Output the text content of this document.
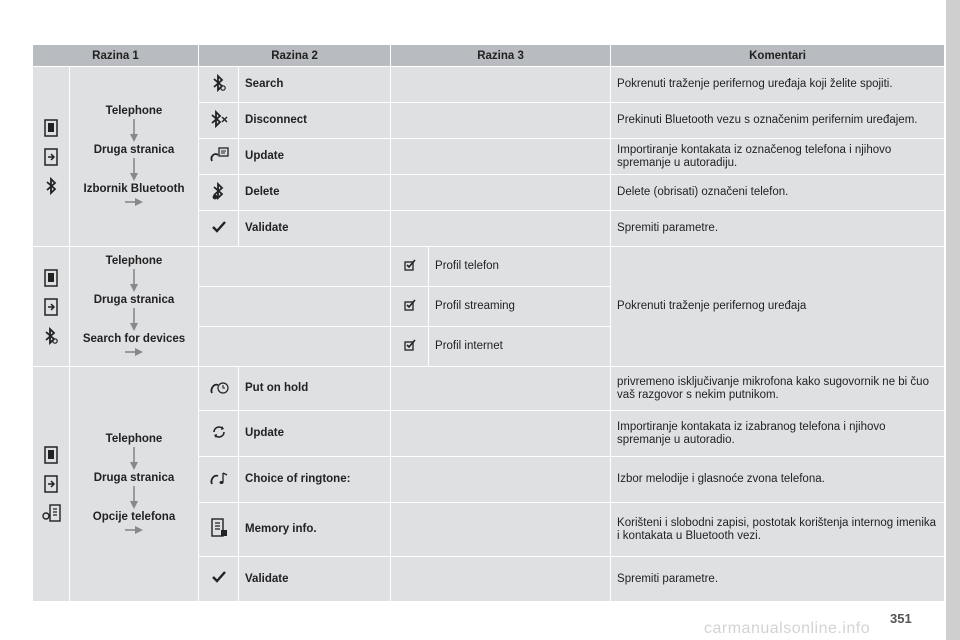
Razina 1		Razina 2		Razina 3		Komentari

Telephone
Druga stranica
Izbornik Bluetooth		Search			Pokrenuti traženje perifernog uređaja koji želite spojiti.
	Disconnect			Prekinuti Bluetooth vezu s označenim perifernim uređajem.
	Update			Importiranje kontakata iz označenog telefona i njihovo spremanje u autoradiju.
	Delete			Delete (obrisati) označeni telefon.
	Validate			Spremiti parametre.

Telephone
Druga stranica
Search for devices				Profil telefon	Pokrenuti traženje perifernog uređaja
		Profil streaming	
		Profil internet	

Telephone
Druga stranica
Opcije telefona		Put on hold			privremeno isključivanje mikrofona kako sugovornik ne bi čuo vaš razgovor s nekim putnikom.
	Update			Importiranje kontakata iz izabranog telefona i njihovo spremanje u autoradio.
	Choice of ringtone:			Izbor melodije i glasnoće zvona telefona.
	Memory info.			Korišteni i slobodni zapisi, postotak korištenja internog imenika i kontakata u Bluetooth vezi.
	Validate			Spremiti parametre.
351
carmanualsonline.info
